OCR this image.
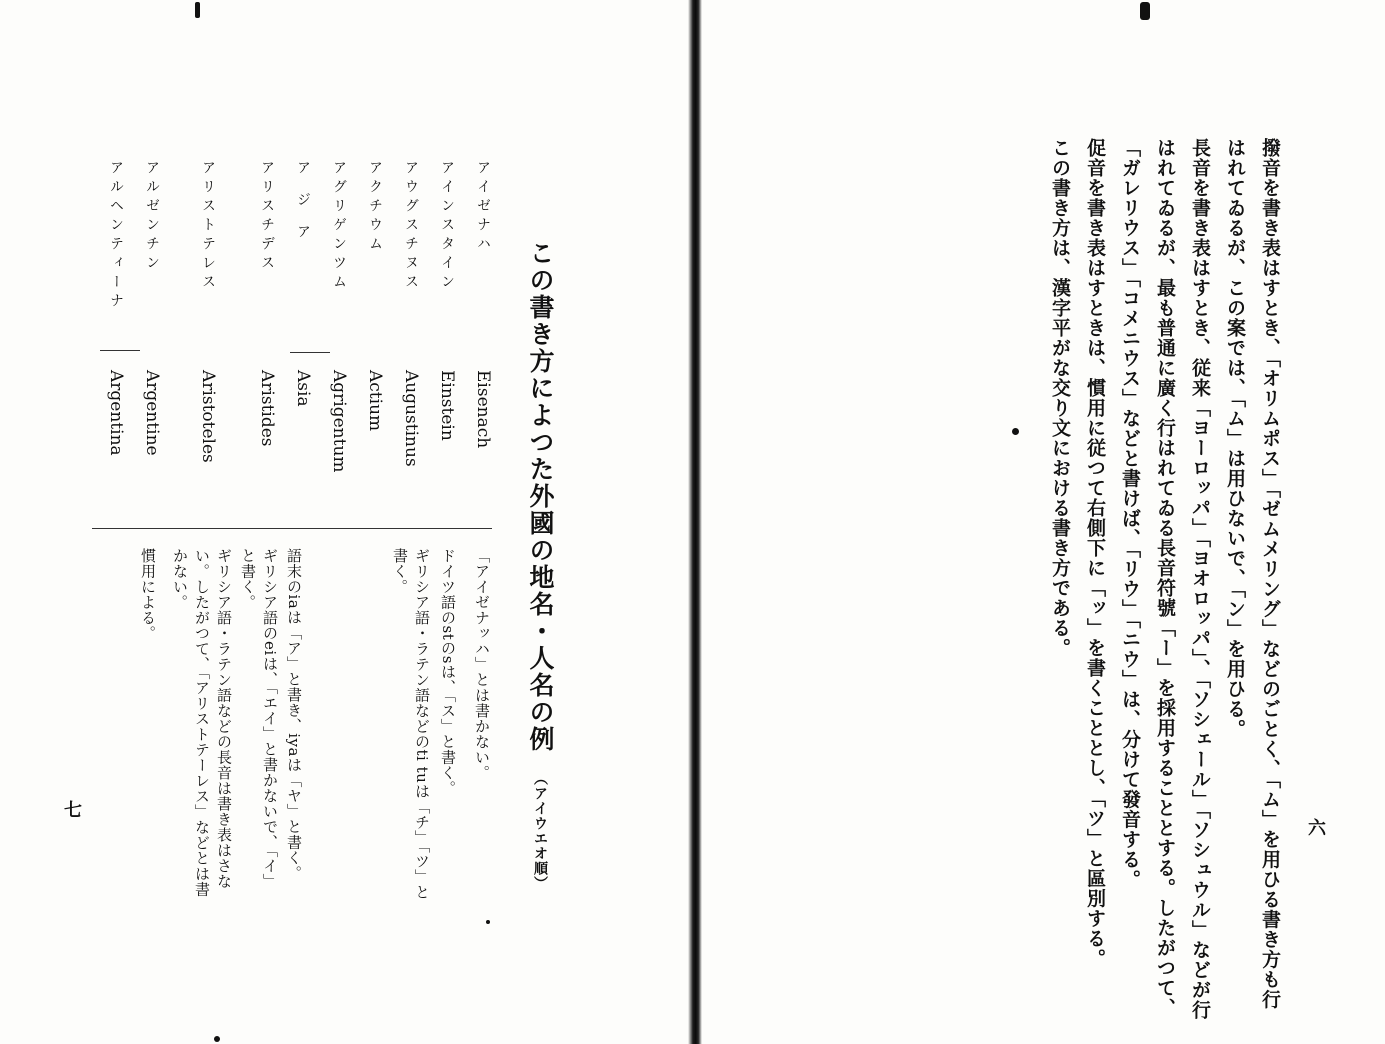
六
撥音を書き表はすとき、「オリムポス」「ゼムメリング」などのごとく、「ム」を用ひる書き方も行
はれてゐるが、この案では、「ム」は用ひないで、「ン」を用ひる。
長音を書き表はすとき、従来「ヨーロッパ」「ヨオロッパ」、「ソシェール」「ソシュウル」などが行
はれてゐるが、最も普通に廣く行はれてゐる長音符號「ー」を採用することとする。したがつて、
「ガレリウス」「コメニウス」などと書けば、「リウ」「ニウ」は、分けて發音する。
促音を書き表はすときは、慣用に従つて右側下に「ッ」を書くこととし、「ツ」と區別する。
この書き方は、漢字平がな交り文における書き方である。
この書き方によつた外國の地名・人名の例（アイウエオ順）
アイゼナハ
アインスタイン
アウグスチヌス
アクチウム
アグリゲンツム
アジア
アリスチデス
アリストテレス
アルゼンチン
アルヘンティーナ
Eisenach
Einstein
Augustinus
Actium
Agrigentum
Asia
Aristides
Aristoteles
Argentine
Argentina
「アイゼナッハ」とは書かない。
ドイツ語のstのsは、「ス」と書く。
ギリシア語・ラテン語などのti tuは「チ」「ツ」と
書く。
語末のiaは「ア」と書き、iyaは「ヤ」と書く。
ギリシア語のeiは、「エイ」と書かないで、「イ」
と書く。
ギリシア語・ラテン語などの長音は書き表はさな
い。したがつて、「アリストテーレス」などとは書
かない。
慣用による。
七
